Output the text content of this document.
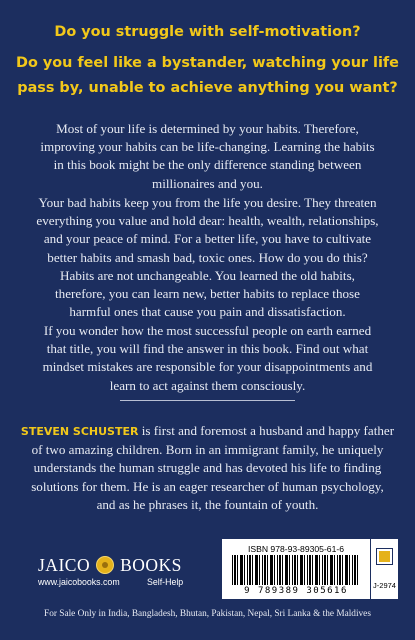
Do you struggle with self-motivation?

Do you feel like a bystander, watching your life

pass by, unable to achieve anything you want?

Most of your life is determined by your habits. Therefore,
improving your habits can be life-changing. Learning the habits
in this book might be the only difference standing between
millionaires and you.
Your bad habits keep you from the life you desire. They threaten
everything you value and hold dear: health, wealth, relationships,
and your peace of mind. For a better life, you have to cultivate
better habits and smash bad, toxic ones. How do you do this?
Habits are not unchangeable. You learned the old habits,
therefore, you can learn new, better habits to replace those
harmful ones that cause you pain and dissatisfaction.
If you wonder how the most successful people on earth earned
that title, you will find the answer in this book. Find out what
mindset mistakes are responsible for your disappointments and
learn to act against them consciously.
STEVEN SCHUSTER is first and foremost a husband and happy father
of two amazing children. Born in an immigrant family, he uniquely
understands the human struggle and has devoted his life to finding
solutions for them. He is an eager researcher of human psychology,
and as he phrases it, the fountain of youth.
JAICO BOOKS
www.jaicobooks.com	Self-Help
ISBN 978-93-89305-61-6
9 789389 305616
J-2974
For Sale Only in India, Bangladesh, Bhutan, Pakistan, Nepal, Sri Lanka & the Maldives
